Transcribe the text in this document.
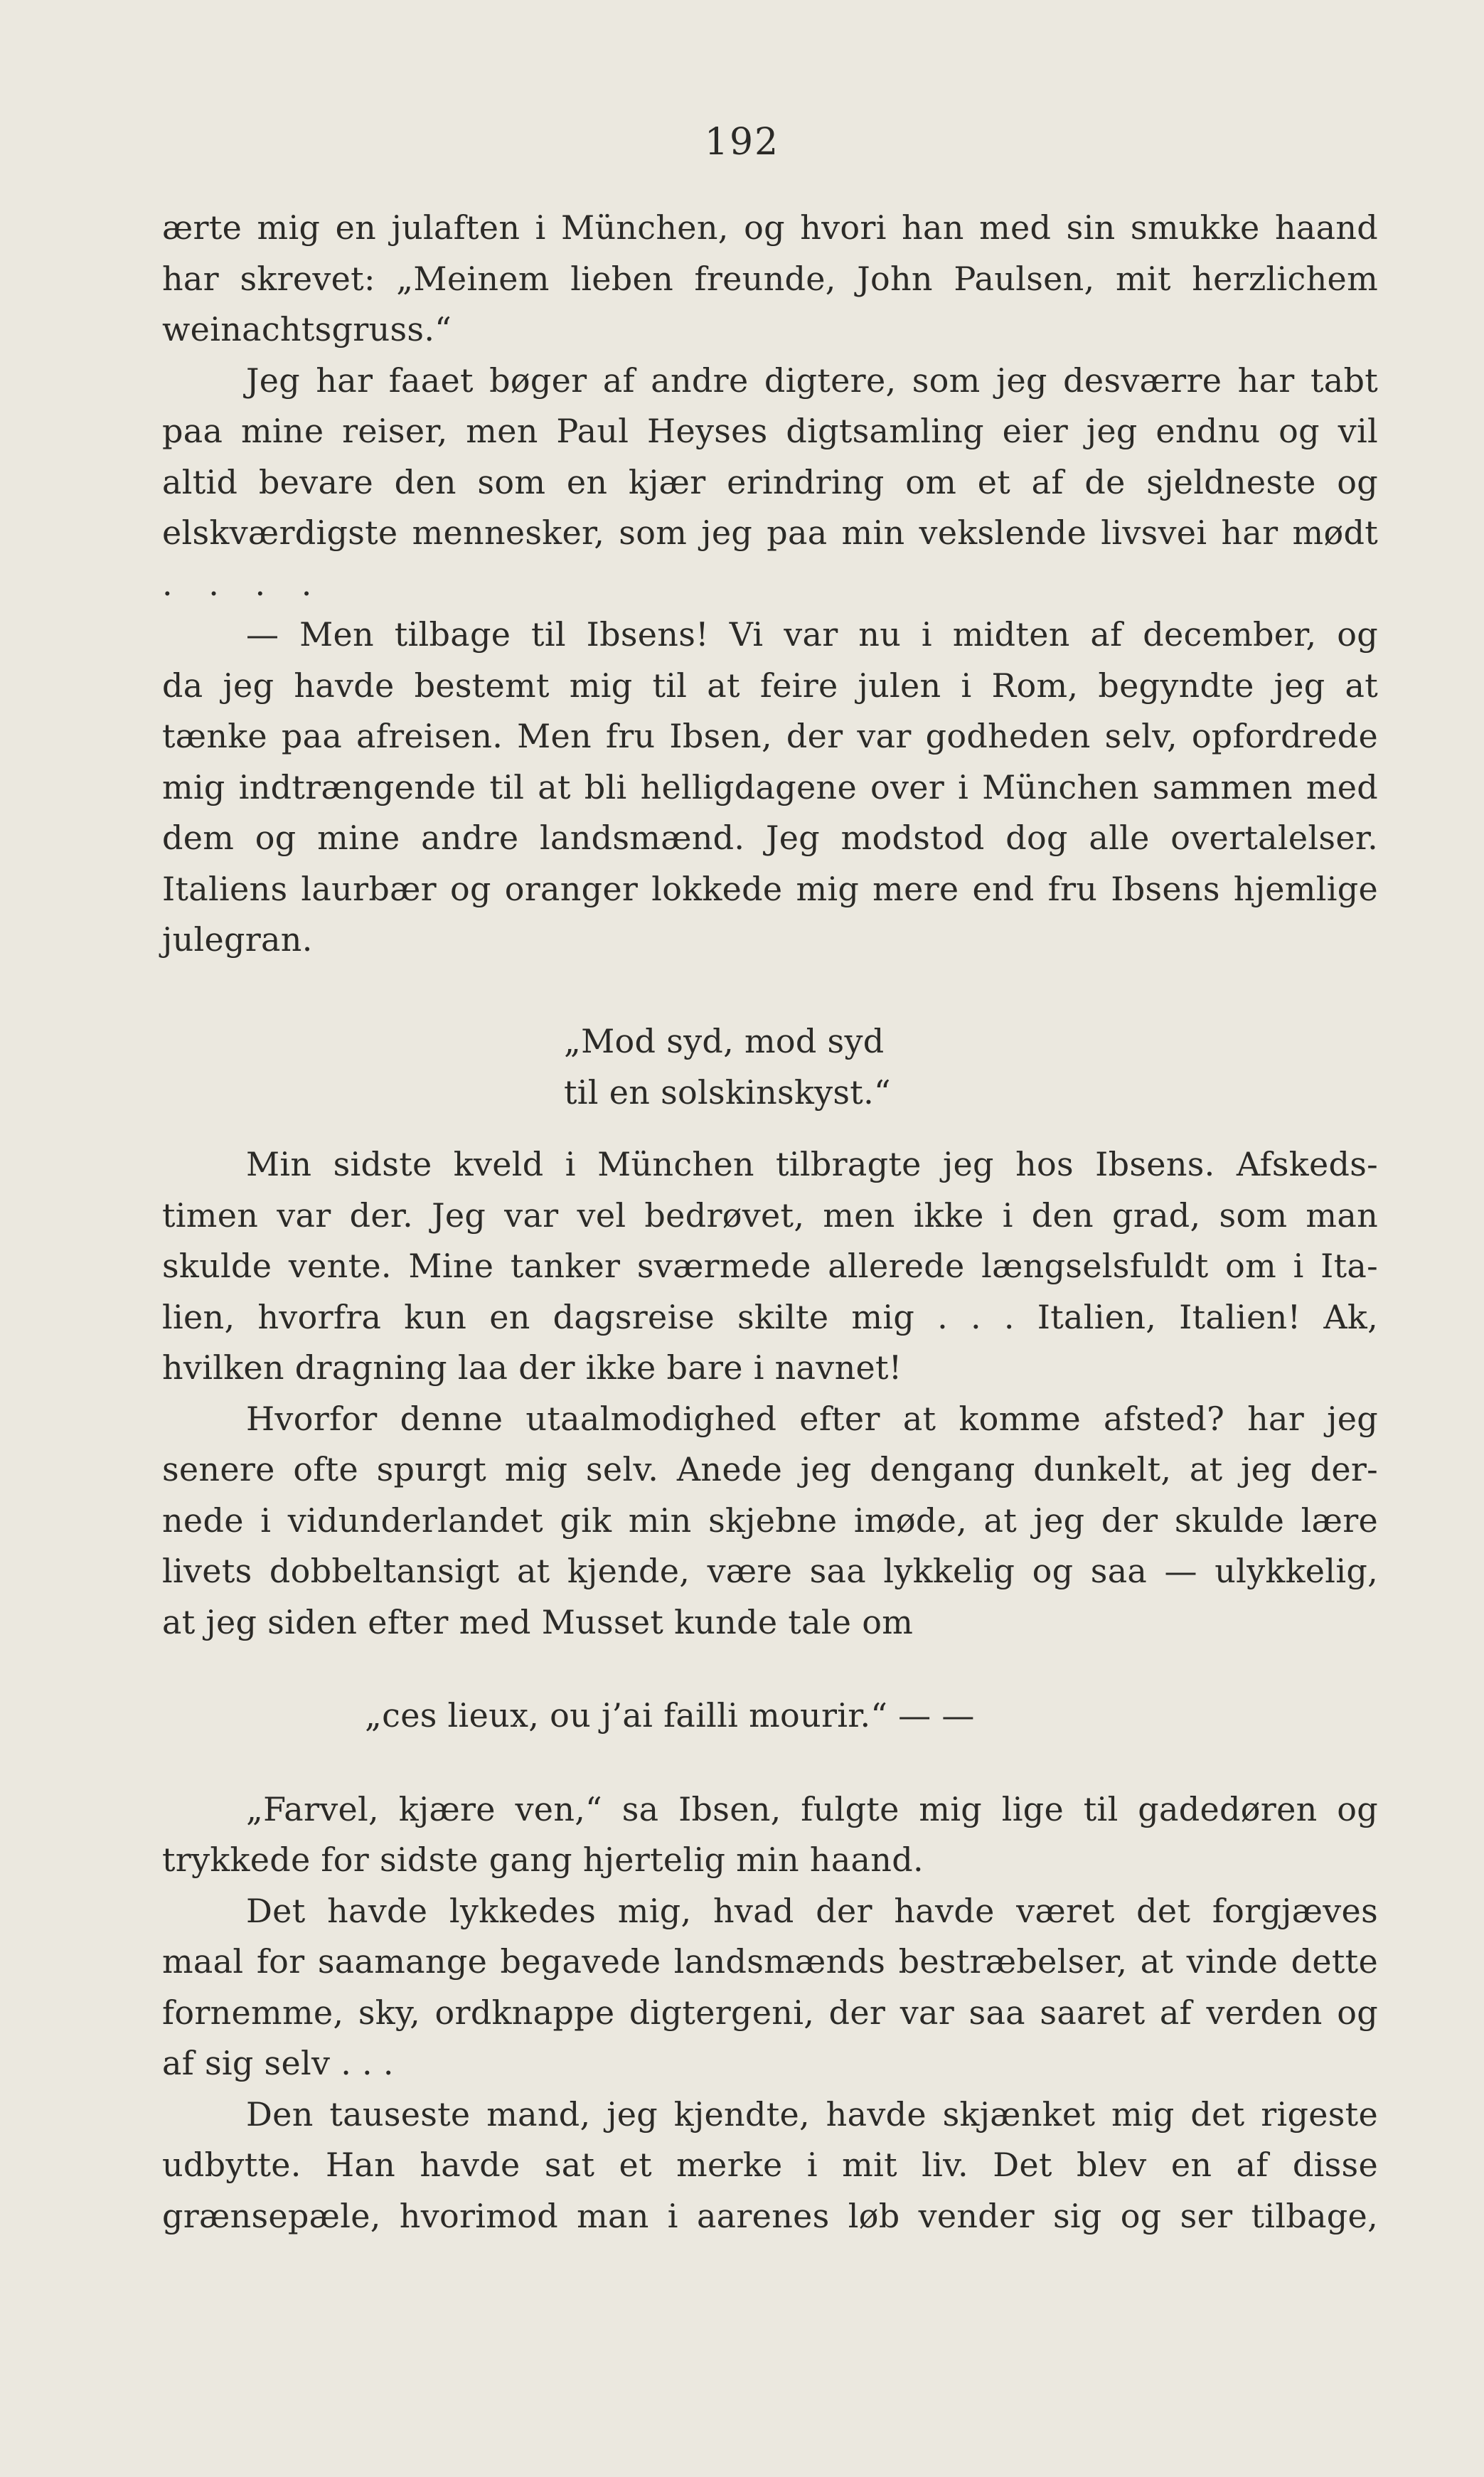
192
ærte mig en julaften i München, og hvori han med sin smukke haand
har skrevet: „Meinem lieben freunde, John Paulsen, mit herzlichem
weinachtsgruss.“
Jeg har faaet bøger af andre digtere, som jeg desværre har tabt
paa mine reiser, men Paul Heyses digtsamling eier jeg endnu og vil
altid bevare den som en kjær erindring om et af de sjeldneste og
elskværdigste mennesker, som jeg paa min vekslende livsvei har mødt
. . . .
— Men tilbage til Ibsens! Vi var nu i midten af december, og
da jeg havde bestemt mig til at feire julen i Rom, begyndte jeg at
tænke paa afreisen. Men fru Ibsen, der var godheden selv, opfordrede
mig indtrængende til at bli helligdagene over i München sammen med
dem og mine andre landsmænd. Jeg modstod dog alle overtalelser.
Italiens laurbær og oranger lokkede mig mere end fru Ibsens hjemlige
julegran.
„Mod syd, mod syd
til en solskinskyst.“
Min sidste kveld i München tilbragte jeg hos Ibsens. Afskeds-
timen var der. Jeg var vel bedrøvet, men ikke i den grad, som man
skulde vente. Mine tanker sværmede allerede længselsfuldt om i Ita-
lien, hvorfra kun en dagsreise skilte mig . . . Italien, Italien! Ak,
hvilken dragning laa der ikke bare i navnet!
Hvorfor denne utaalmodighed efter at komme afsted? har jeg
senere ofte spurgt mig selv. Anede jeg dengang dunkelt, at jeg der-
nede i vidunderlandet gik min skjebne imøde, at jeg der skulde lære
livets dobbeltansigt at kjende, være saa lykkelig og saa — ulykkelig,
at jeg siden efter med Musset kunde tale om
„ces lieux, ou j’ai failli mourir.“ — —
„Farvel, kjære ven,“ sa Ibsen, fulgte mig lige til gadedøren og
trykkede for sidste gang hjertelig min haand.
Det havde lykkedes mig, hvad der havde været det forgjæves
maal for saamange begavede landsmænds bestræbelser, at vinde dette
fornemme, sky, ordknappe digtergeni, der var saa saaret af verden og
af sig selv . . .
Den tauseste mand, jeg kjendte, havde skjænket mig det rigeste
udbytte. Han havde sat et merke i mit liv. Det blev en af disse
grænsepæle, hvorimod man i aarenes løb vender sig og ser tilbage,
